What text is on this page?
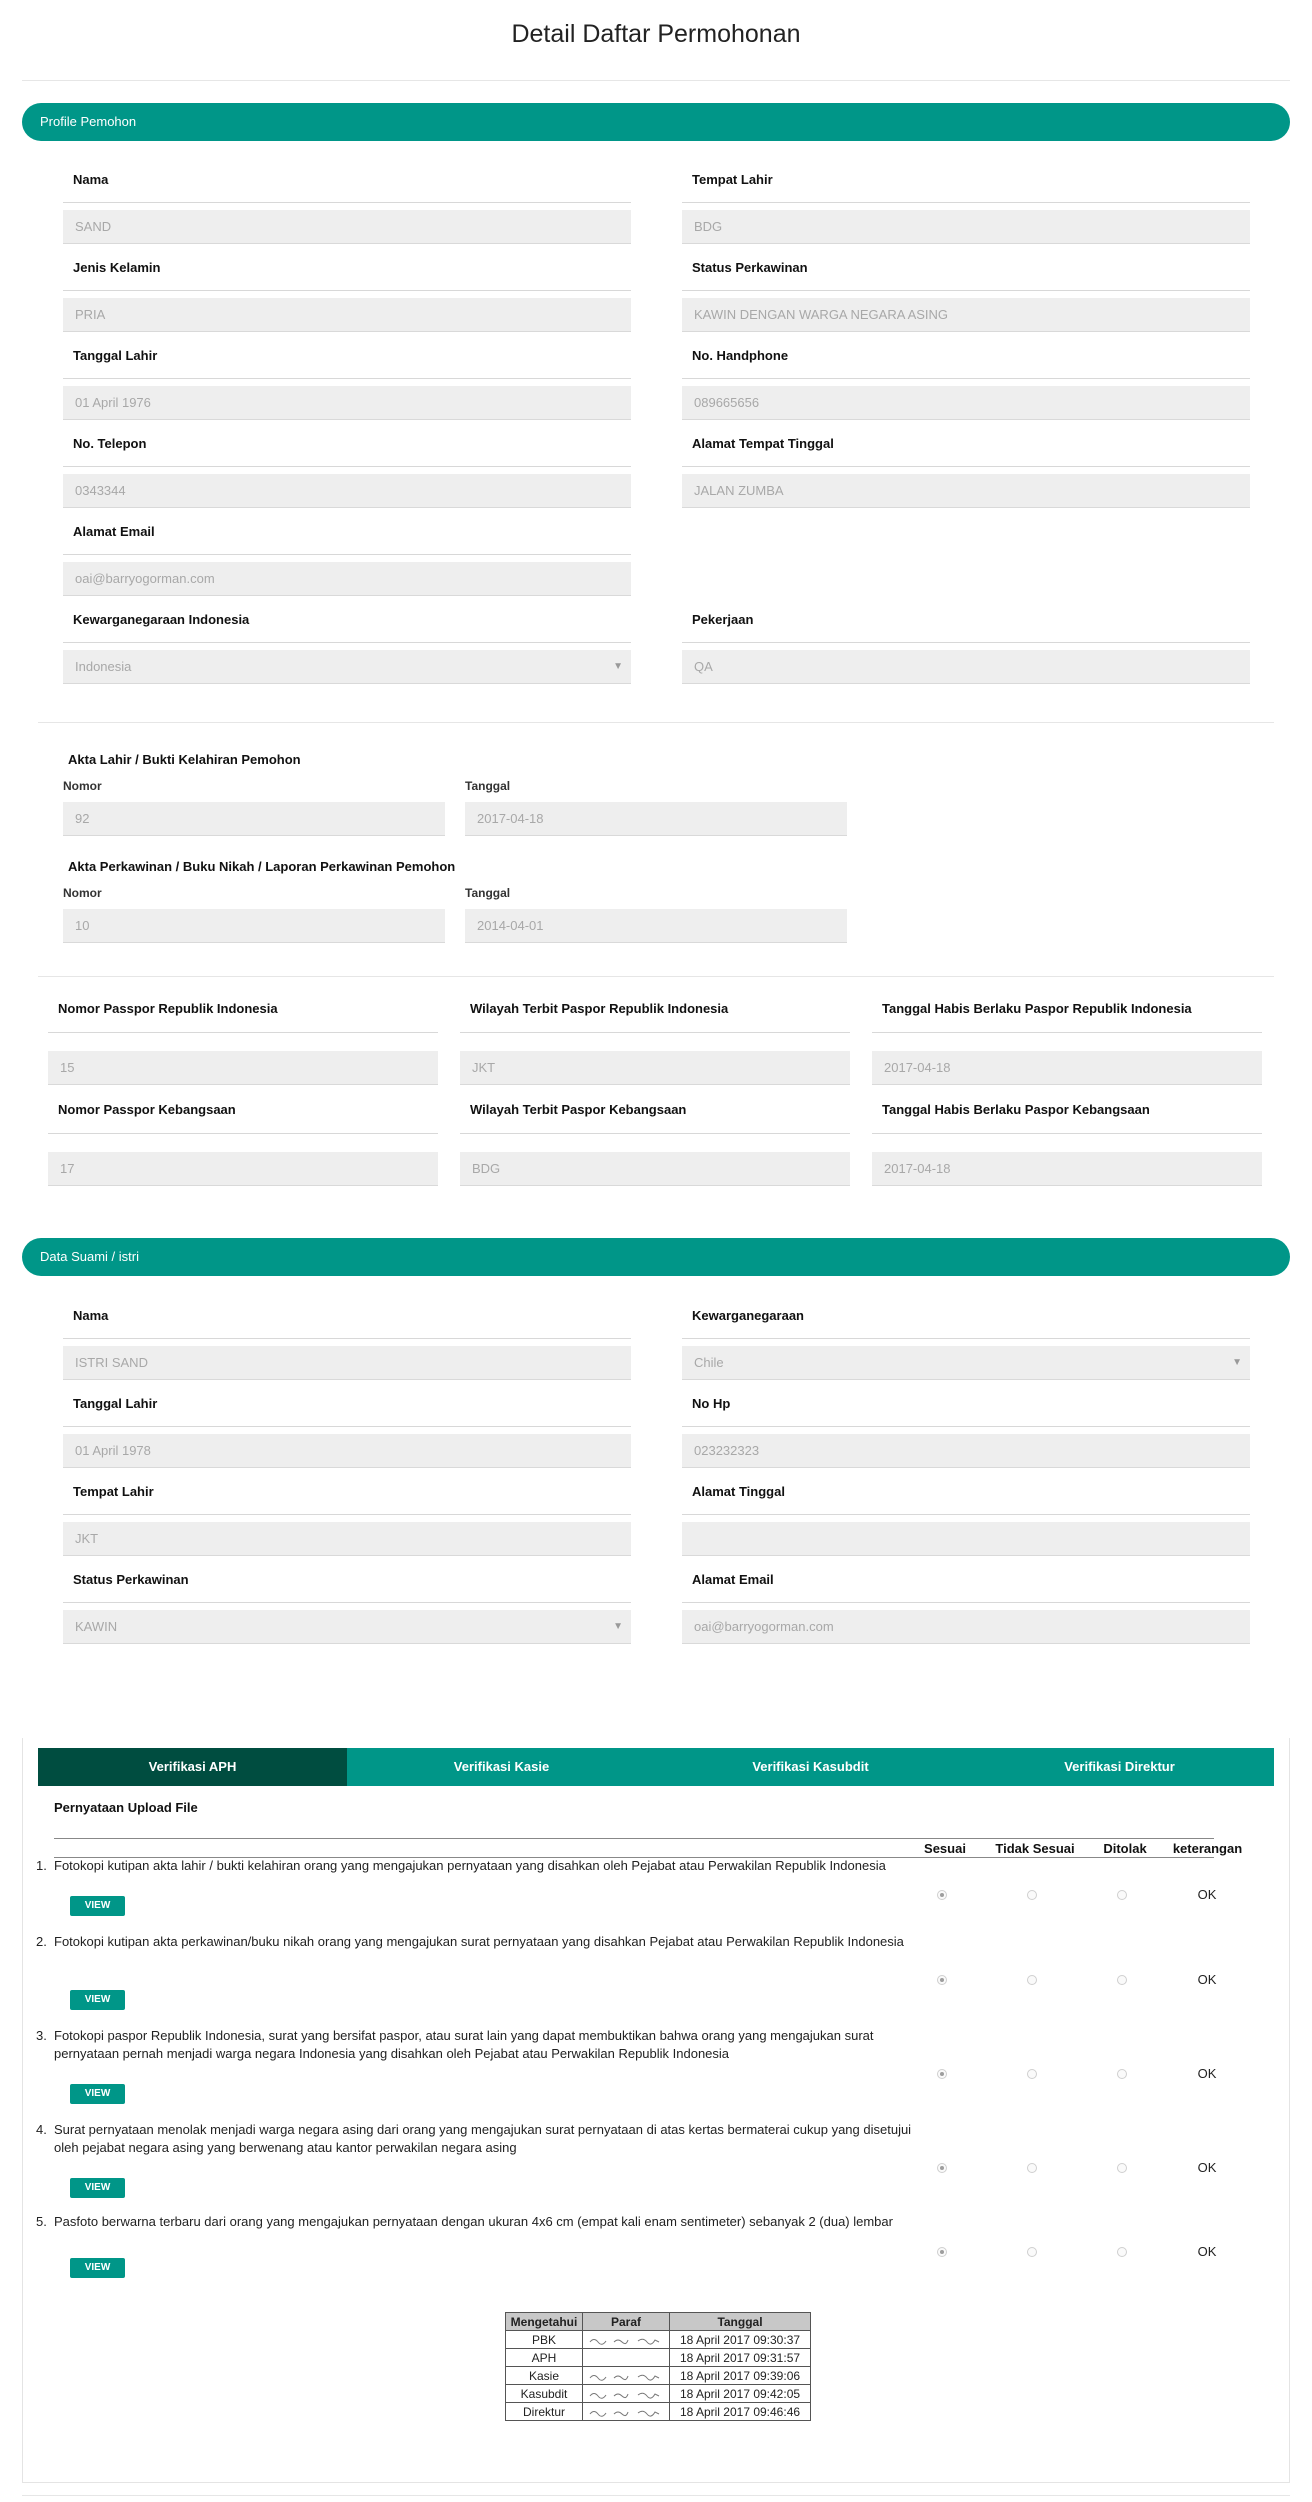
Detail Daftar Permohonan
Profile Pemohon
Nama
SAND
Tempat Lahir
BDG
Jenis Kelamin
PRIA
Status Perkawinan
KAWIN DENGAN WARGA NEGARA ASING
Tanggal Lahir
01 April 1976
No. Handphone
089665656
No. Telepon
0343344
Alamat Tempat Tinggal
JALAN ZUMBA
Alamat Email
oai@barryogorman.com
Kewarganegaraan Indonesia
Indonesia	▼
Pekerjaan
QA
Akta Lahir / Bukti Kelahiran Pemohon
Nomor	Tanggal
92	2017-04-18
Akta Perkawinan / Buku Nikah / Laporan Perkawinan Pemohon
Nomor	Tanggal
10	2014-04-01
Nomor Passpor Republik Indonesia
15
Wilayah Terbit Paspor Republik Indonesia
JKT
Tanggal Habis Berlaku Paspor Republik Indonesia
2017-04-18
Nomor Passpor Kebangsaan
17
Wilayah Terbit Paspor Kebangsaan
BDG
Tanggal Habis Berlaku Paspor Kebangsaan
2017-04-18
Data Suami / istri
Nama
ISTRI SAND
Kewarganegaraan
Chile	▼
Tanggal Lahir
01 April 1978
No Hp
023232323
Tempat Lahir
JKT
Alamat Tinggal
Status Perkawinan
KAWIN	▼
Alamat Email
oai@barryogorman.com
Verifikasi APH	Verifikasi Kasie	Verifikasi Kasubdit	Verifikasi Direktur
Pernyataan Upload File
Sesuai	Tidak Sesuai	Ditolak	keterangan
1. Fotokopi kutipan akta lahir / bukti kelahiran orang yang mengajukan pernyataan yang disahkan oleh Pejabat atau Perwakilan Republik Indonesia
VIEW
OK
2. Fotokopi kutipan akta perkawinan/buku nikah orang yang mengajukan surat pernyataan yang disahkan Pejabat atau Perwakilan Republik Indonesia
VIEW
OK
3. Fotokopi paspor Republik Indonesia, surat yang bersifat paspor, atau surat lain yang dapat membuktikan bahwa orang yang mengajukan surat pernyataan pernah menjadi warga negara Indonesia yang disahkan oleh Pejabat atau Perwakilan Republik Indonesia
VIEW
OK
4. Surat pernyataan menolak menjadi warga negara asing dari orang yang mengajukan surat pernyataan di atas kertas bermaterai cukup yang disetujui oleh pejabat negara asing yang berwenang atau kantor perwakilan negara asing
VIEW
OK
5. Pasfoto berwarna terbaru dari orang yang mengajukan pernyataan dengan ukuran 4x6 cm (empat kali enam sentimeter) sebanyak 2 (dua) lembar
VIEW
OK
Mengetahui	Paraf	Tanggal
PBK		18 April 2017 09:30:37
APH		18 April 2017 09:31:57
Kasie		18 April 2017 09:39:06
Kasubdit		18 April 2017 09:42:05
Direktur		18 April 2017 09:46:46
